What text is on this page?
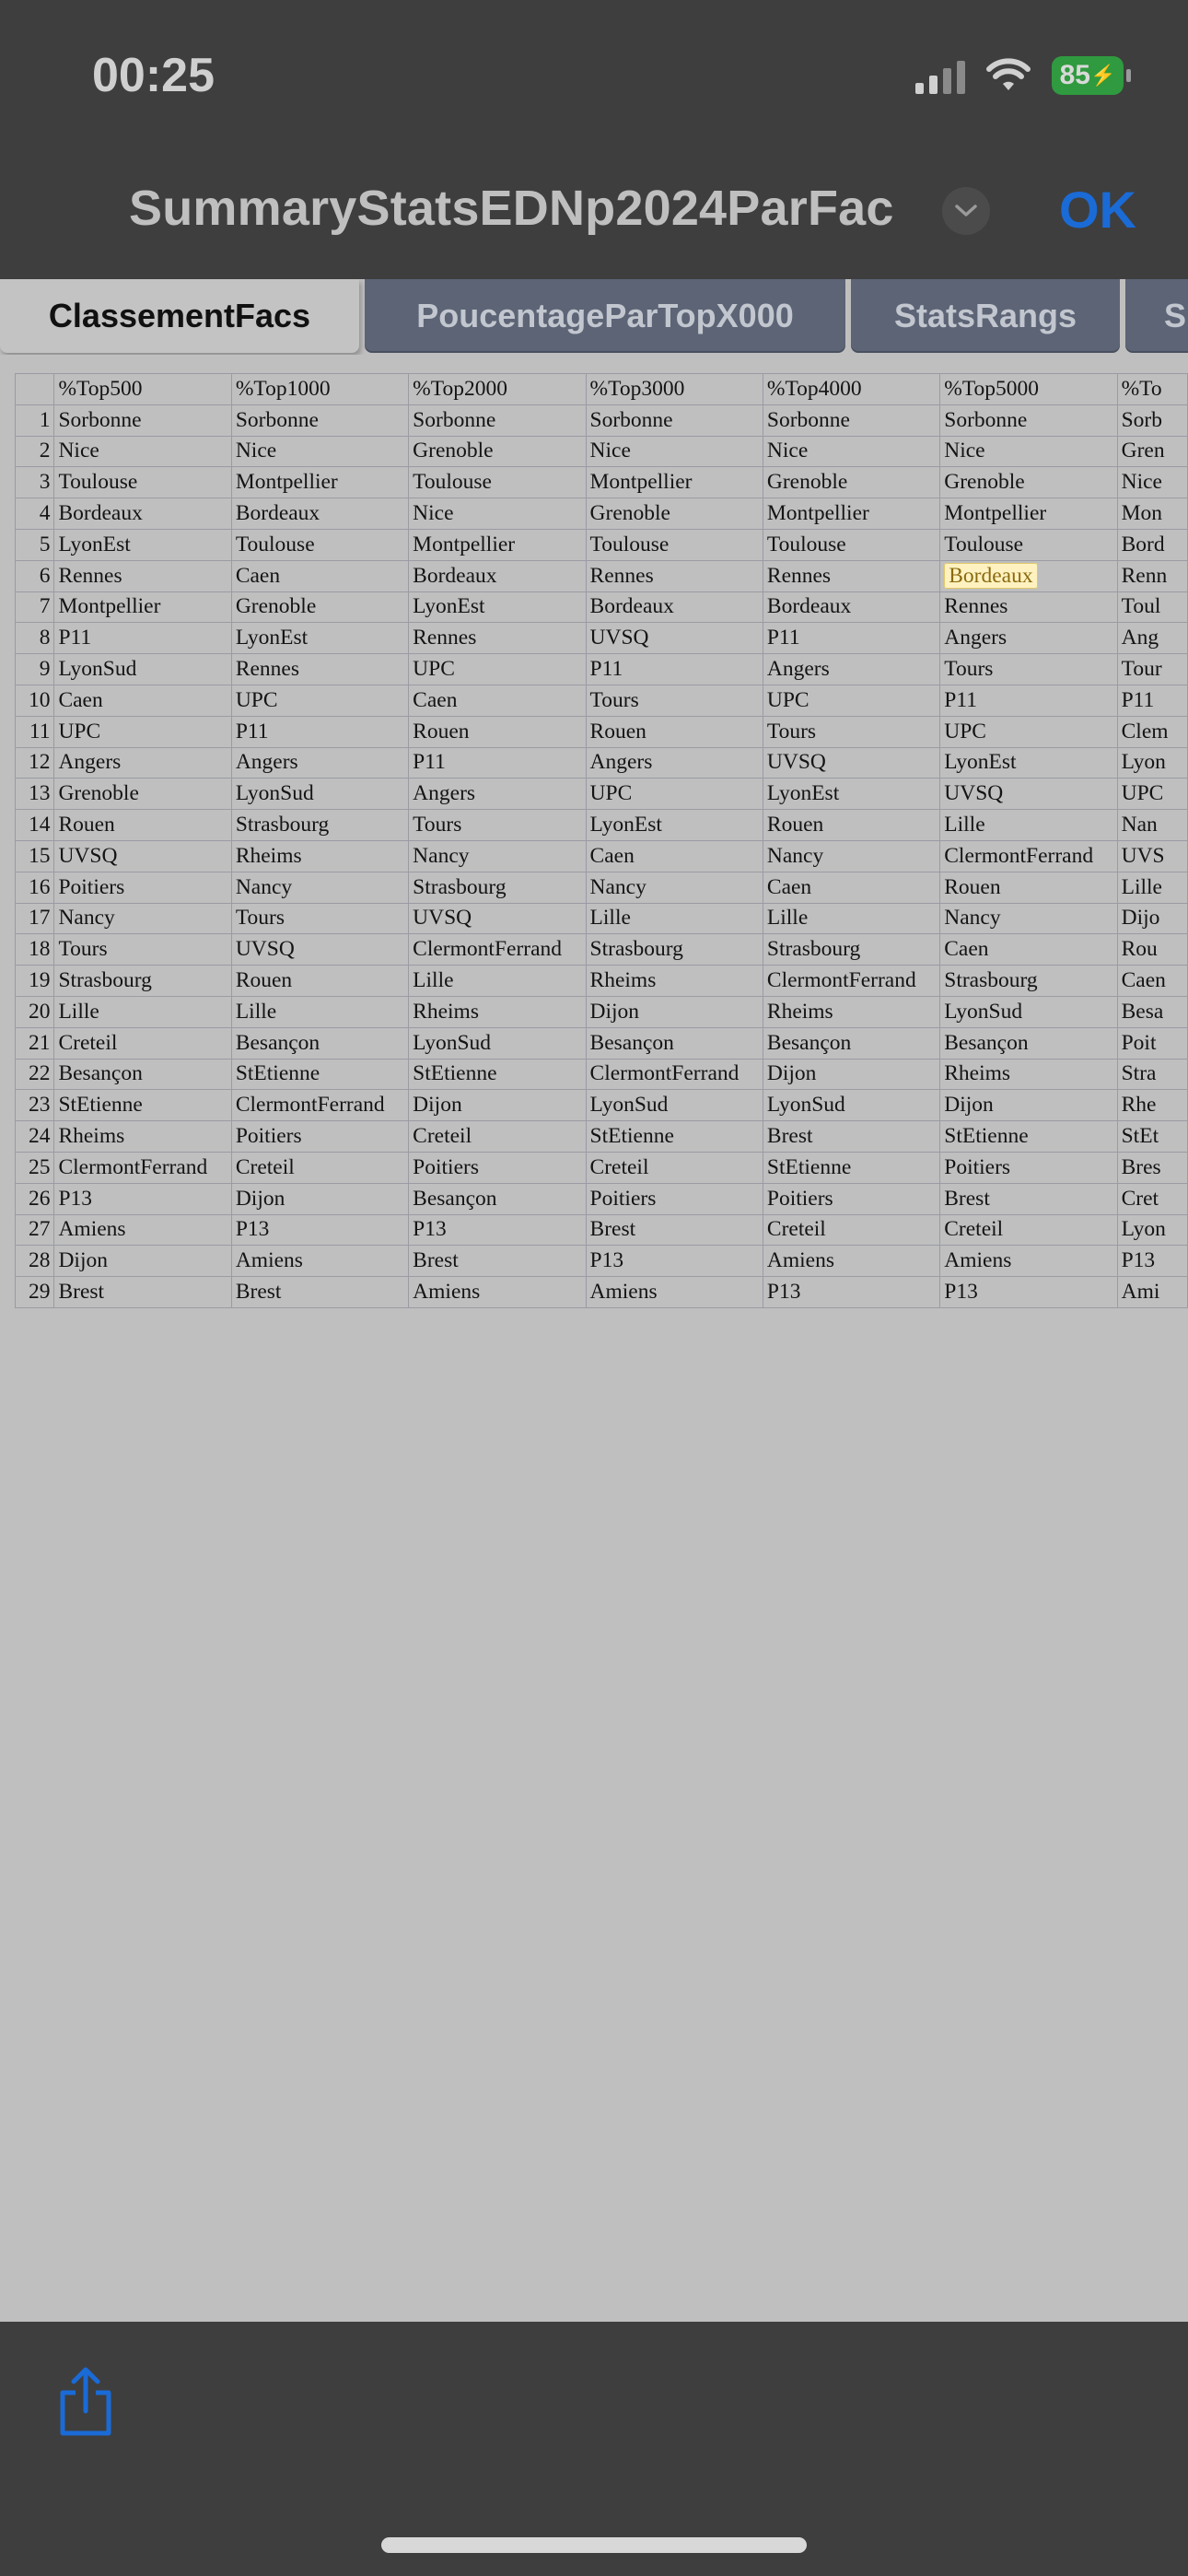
00:25	85 ⚡
SummaryStatsEDNp2024ParFac	OK
ClassementFacs	PoucentageParTopX000	StatsRangs	S
	%Top500	%Top1000	%Top2000	%Top3000	%Top4000	%Top5000	%To
1	Sorbonne	Sorbonne	Sorbonne	Sorbonne	Sorbonne	Sorbonne	Sorb
2	Nice	Nice	Grenoble	Nice	Nice	Nice	Gren
3	Toulouse	Montpellier	Toulouse	Montpellier	Grenoble	Grenoble	Nice
4	Bordeaux	Bordeaux	Nice	Grenoble	Montpellier	Montpellier	Mon
5	LyonEst	Toulouse	Montpellier	Toulouse	Toulouse	Toulouse	Bord
6	Rennes	Caen	Bordeaux	Rennes	Rennes	Bordeaux	Renn
7	Montpellier	Grenoble	LyonEst	Bordeaux	Bordeaux	Rennes	Toul
8	P11	LyonEst	Rennes	UVSQ	P11	Angers	Ang
9	LyonSud	Rennes	UPC	P11	Angers	Tours	Tour
10	Caen	UPC	Caen	Tours	UPC	P11	P11
11	UPC	P11	Rouen	Rouen	Tours	UPC	Clem
12	Angers	Angers	P11	Angers	UVSQ	LyonEst	Lyon
13	Grenoble	LyonSud	Angers	UPC	LyonEst	UVSQ	UPC
14	Rouen	Strasbourg	Tours	LyonEst	Rouen	Lille	Nan
15	UVSQ	Rheims	Nancy	Caen	Nancy	ClermontFerrand	UVS
16	Poitiers	Nancy	Strasbourg	Nancy	Caen	Rouen	Lille
17	Nancy	Tours	UVSQ	Lille	Lille	Nancy	Dijo
18	Tours	UVSQ	ClermontFerrand	Strasbourg	Strasbourg	Caen	Rou
19	Strasbourg	Rouen	Lille	Rheims	ClermontFerrand	Strasbourg	Caen
20	Lille	Lille	Rheims	Dijon	Rheims	LyonSud	Besa
21	Creteil	Besançon	LyonSud	Besançon	Besançon	Besançon	Poit
22	Besançon	StEtienne	StEtienne	ClermontFerrand	Dijon	Rheims	Stra
23	StEtienne	ClermontFerrand	Dijon	LyonSud	LyonSud	Dijon	Rhe
24	Rheims	Poitiers	Creteil	StEtienne	Brest	StEtienne	StEt
25	ClermontFerrand	Creteil	Poitiers	Creteil	StEtienne	Poitiers	Bres
26	P13	Dijon	Besançon	Poitiers	Poitiers	Brest	Cret
27	Amiens	P13	P13	Brest	Creteil	Creteil	Lyon
28	Dijon	Amiens	Brest	P13	Amiens	Amiens	P13
29	Brest	Brest	Amiens	Amiens	P13	P13	Ami
